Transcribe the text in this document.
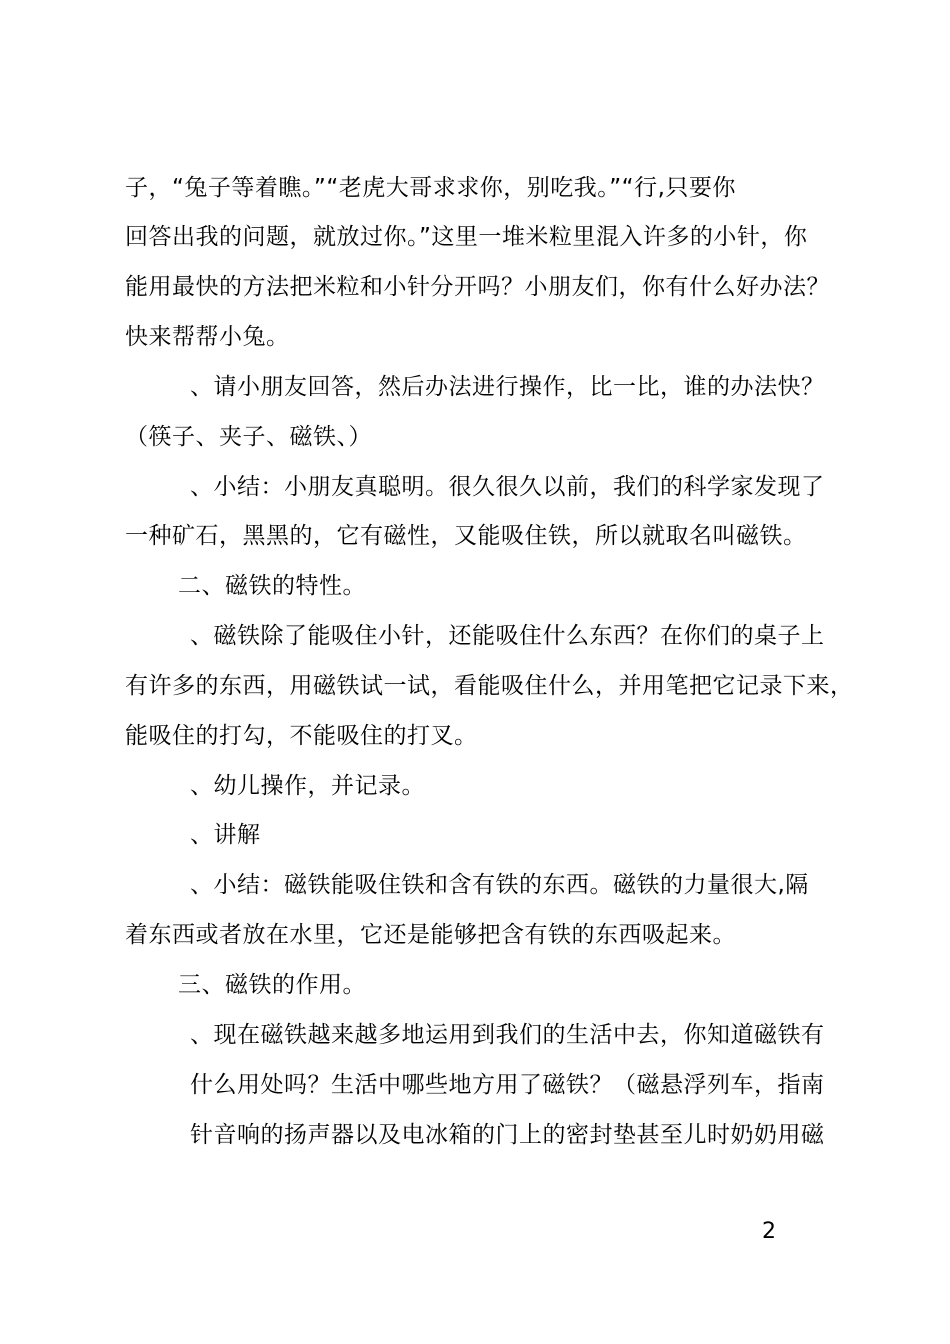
子，“兔子等着瞧。”“老虎大哥求求你，别吃我。”“行,只要你
回答出我的问题，就放过你。”这里一堆米粒里混入许多的小针，你
能用最快的方法把米粒和小针分开吗？小朋友们，你有什么好办法？
快来帮帮小兔。
、请小朋友回答，然后办法进行操作，比一比，谁的办法快？
（筷子、夹子、磁铁、）
、小结：小朋友真聪明。很久很久以前，我们的科学家发现了
一种矿石，黑黑的，它有磁性，又能吸住铁，所以就取名叫磁铁。
二、磁铁的特性。
、磁铁除了能吸住小针，还能吸住什么东西？在你们的桌子上
有许多的东西，用磁铁试一试，看能吸住什么，并用笔把它记录下来，
能吸住的打勾，不能吸住的打叉。
、幼儿操作，并记录。
、讲解
、小结：磁铁能吸住铁和含有铁的东西。磁铁的力量很大,隔
着东西或者放在水里，它还是能够把含有铁的东西吸起来。
三、磁铁的作用。
、现在磁铁越来越多地运用到我们的生活中去，你知道磁铁有
什么用处吗？生活中哪些地方用了磁铁？（磁悬浮列车，指南
针音响的扬声器以及电冰箱的门上的密封垫甚至儿时奶奶用磁
2
